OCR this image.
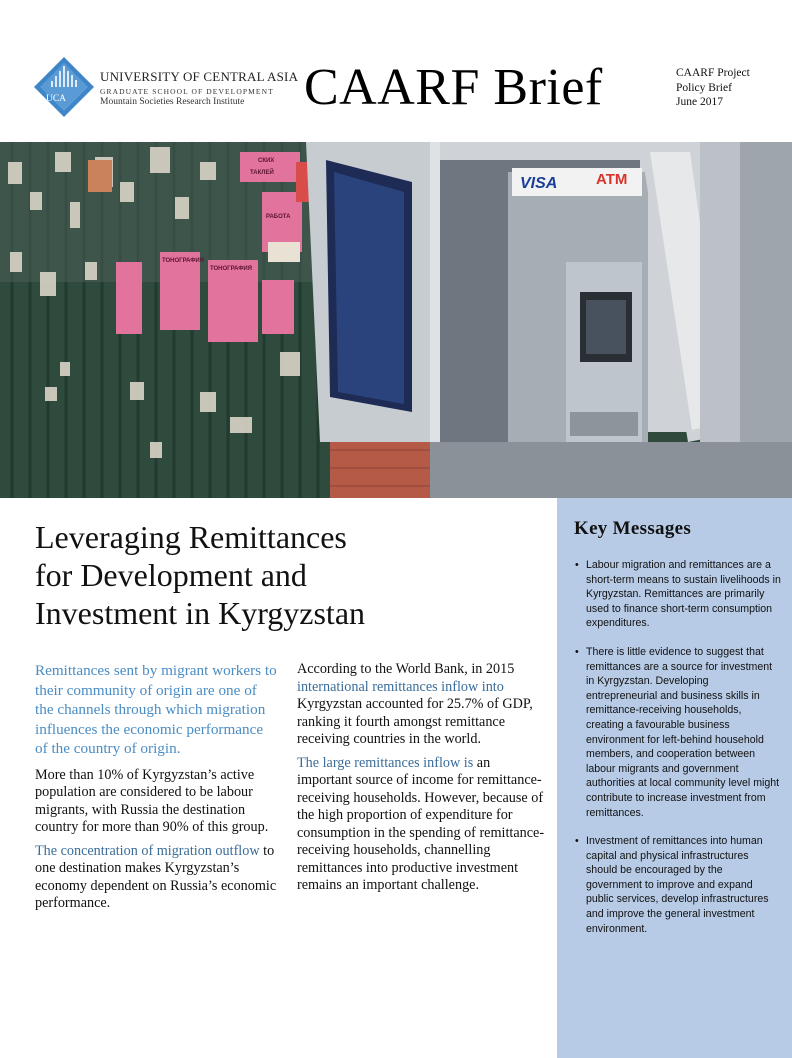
UCA
UNIVERSITY OF CENTRAL ASIA
GRADUATE SCHOOL OF DEVELOPMENT
Mountain Societies Research Institute	CAARF Brief	CAARF Project
Policy Brief
June 2017
ТОНОГРАФИЯ
ТОНОГРАФИЯ
РАБОТА
ТАКЛЕЙ
СКИХ
VISA	ATM
Leveraging Remittances
for Development and
Investment in Kyrgyzstan

Remittances sent by migrant workers to their community of origin are one of the channels through which migration influences the economic performance of the country of origin.

More than 10% of Kyrgyzstan’s active population are considered to be labour migrants, with Russia the destination country for more than 90% of this group.

The concentration of migration outflow to one destination makes Kyrgyzstan’s economy dependent on Russia’s economic performance.

According to the World Bank, in 2015 international remittances inflow into Kyrgyzstan accounted for 25.7% of GDP, ranking it fourth amongst remittance receiving countries in the world.

The large remittances inflow is an important source of income for remittance-receiving households. However, because of the high proportion of expenditure for consumption in the spending of remittance-receiving households, channelling remittances into productive investment remains an important challenge.

Key Messages
• Labour migration and remittances are a short-term means to sustain livelihoods in Kyrgyzstan. Remittances are primarily used to finance short-term consumption expenditures.
• There is little evidence to suggest that remittances are a source for investment in Kyrgyzstan. Developing entrepreneurial and business skills in remittance-receiving households, creating a favourable business environment for left-behind household members, and cooperation between labour migrants and government authorities at local community level might contribute to increase investment from remittances.
• Investment of remittances into human capital and physical infrastructures should be encouraged by the government to improve and expand public services, develop infrastructures and improve the general investment environment.
